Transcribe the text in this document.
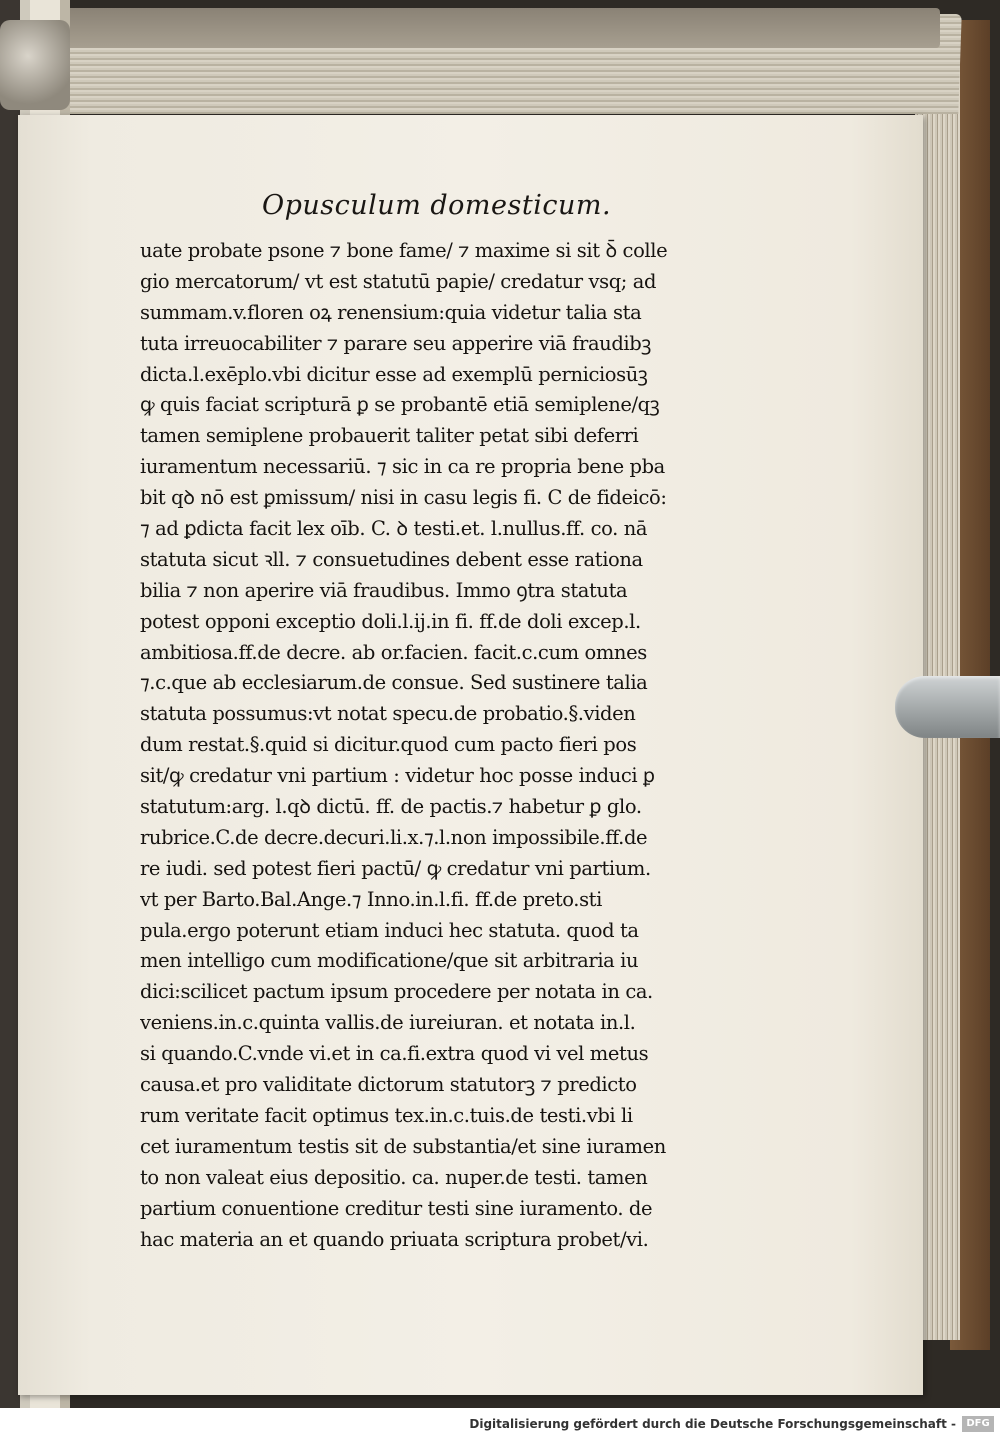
Opusculum domesticum.
uate probate psone ⁊ bone fame/ ⁊ maxime si sit ꝺ̄ colle
gio mercatorum/ vt est statutū papie/ credatur vsq; ad
summam.v.floren oꝝ renensium:quia videtur talia sta
tuta irreuocabiliter ⁊ parare seu apperire viā fraudibꝫ
dicta.l.exēplo.vbi dicitur esse ad exemplū perniciosūꝫ
ꝙ quis faciat scripturā ꝑ se probantē etiā semiplene/qꝫ
tamen semiplene probauerit taliter petat sibi deferri
iuramentum necessariū. ⁊ sic in ca re propria bene pba
bit qꝺ nō est ꝑmissum/ nisi in casu legis fi. C de fideicō:
⁊ ad ꝑdicta facit lex oīb. C. ꝺ testi.et. l.nullus.ff. co. nā
statuta sicut ꝛll. ⁊ consuetudines debent esse rationa
bilia ⁊ non aperire viā fraudibus. Immo ꝯtra statuta
potest opponi exceptio doli.l.ij.in fi. ff.de doli excep.l.
ambitiosa.ff.de decre. ab or.facien. facit.c.cum omnes
⁊.c.que ab ecclesiarum.de consue. Sed sustinere talia
statuta possumus:vt notat specu.de probatio.§.viden
dum restat.§.quid si dicitur.quod cum pacto fieri pos
sit/ꝙ credatur vni partium : videtur hoc posse induci ꝑ
statutum:arg. l.qꝺ dictū. ff. de pactis.⁊ habetur ꝑ glo.
rubrice.C.de decre.decuri.li.x.⁊.l.non impossibile.ff.de
re iudi. sed potest fieri pactū/ ꝙ credatur vni partium.
vt per Barto.Bal.Ange.⁊ Inno.in.l.fi. ff.de preto.sti
pula.ergo poterunt etiam induci hec statuta. quod ta
men intelligo cum modificatione/que sit arbitraria iu
dici:scilicet pactum ipsum procedere per notata in ca.
veniens.in.c.quinta vallis.de iureiuran. et notata in.l.
si quando.C.vnde vi.et in ca.fi.extra quod vi vel metus
causa.et pro validitate dictorum statutorꝫ ⁊ predicto
rum veritate facit optimus tex.in.c.tuis.de testi.vbi li
cet iuramentum testis sit de substantia/et sine iuramen
to non valeat eius depositio. ca. nuper.de testi. tamen
partium conuentione creditur testi sine iuramento. de
hac materia an et quando priuata scriptura probet/vi.
Digitalisierung gefördert durch die Deutsche Forschungsgemeinschaft -	DFG
